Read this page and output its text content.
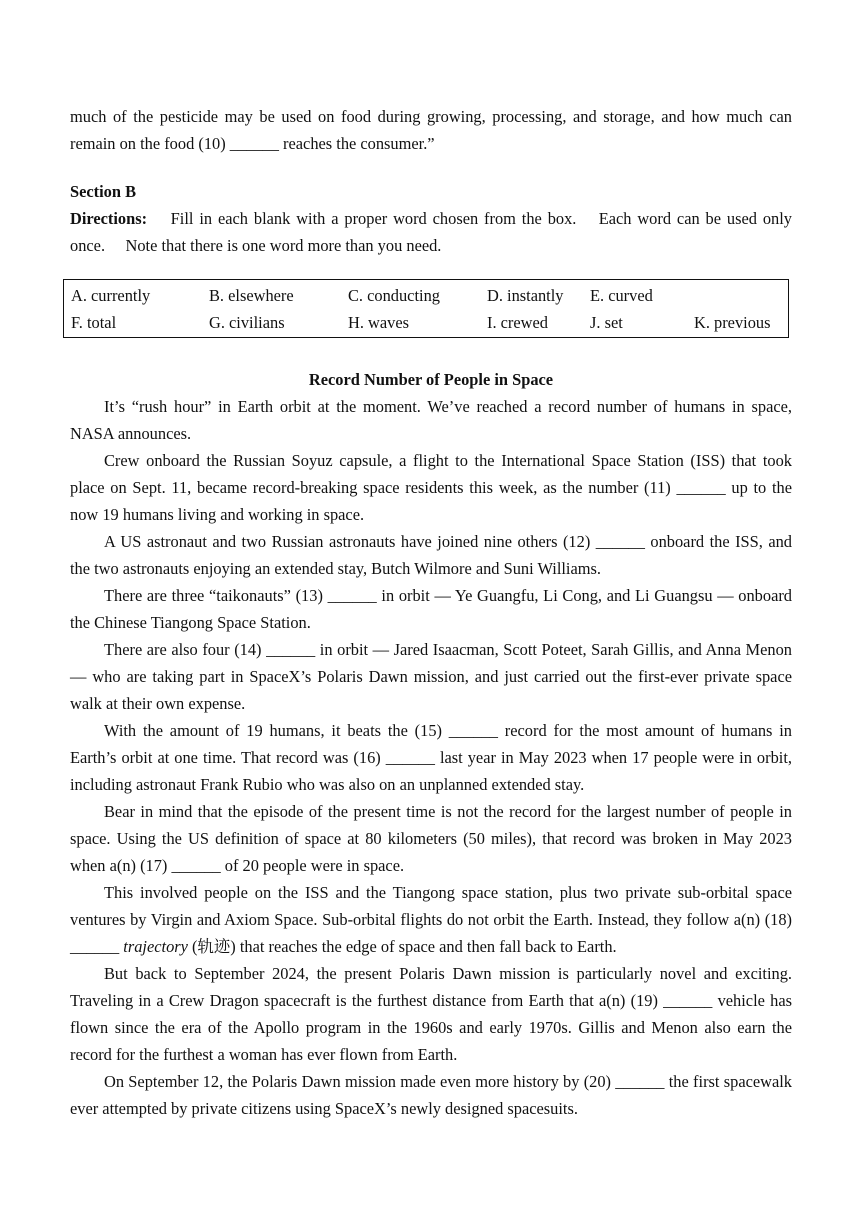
much of the pesticide may be used on food during growing, processing, and storage, and how much can remain on the food (10) ______ reaches the consumer.”

Section B

Directions: Fill in each blank with a proper word chosen from the box.  Each word can be used only once.  Note that there is one word more than you need.

A. currently	B. elsewhere	C. conducting	D. instantly E. curved
F. total	G. civilians	H. waves	I. crewed	J. set	K. previous

Record Number of People in Space

It’s “rush hour” in Earth orbit at the moment. We’ve reached a record number of humans in space, NASA announces.

Crew onboard the Russian Soyuz capsule, a flight to the International Space Station (ISS) that took place on Sept. 11, became record-breaking space residents this week, as the number (11) ______ up to the now 19 humans living and working in space.

A US astronaut and two Russian astronauts have joined nine others (12) ______ onboard the ISS, and the two astronauts enjoying an extended stay, Butch Wilmore and Suni Williams.

There are three “taikonauts” (13) ______ in orbit — Ye Guangfu, Li Cong, and Li Guangsu — onboard the Chinese Tiangong Space Station.

There are also four (14) ______ in orbit — Jared Isaacman, Scott Poteet, Sarah Gillis, and Anna Menon — who are taking part in SpaceX’s Polaris Dawn mission, and just carried out the first-ever private space walk at their own expense.

With the amount of 19 humans, it beats the (15) ______ record for the most amount of humans in Earth’s orbit at one time. That record was (16) ______ last year in May 2023 when 17 people were in orbit, including astronaut Frank Rubio who was also on an unplanned extended stay.

Bear in mind that the episode of the present time is not the record for the largest number of people in space. Using the US definition of space at 80 kilometers (50 miles), that record was broken in May 2023 when a(n) (17) ______ of 20 people were in space.

This involved people on the ISS and the Tiangong space station, plus two private sub-orbital space ventures by Virgin and Axiom Space. Sub-orbital flights do not orbit the Earth. Instead, they follow a(n) (18) ______ trajectory (轨迹) that reaches the edge of space and then fall back to Earth.

But back to September 2024, the present Polaris Dawn mission is particularly novel and exciting. Traveling in a Crew Dragon spacecraft is the furthest distance from Earth that a(n) (19) ______ vehicle has flown since the era of the Apollo program in the 1960s and early 1970s. Gillis and Menon also earn the record for the furthest a woman has ever flown from Earth.

On September 12, the Polaris Dawn mission made even more history by (20) ______ the first spacewalk ever attempted by private citizens using SpaceX’s newly designed spacesuits.
